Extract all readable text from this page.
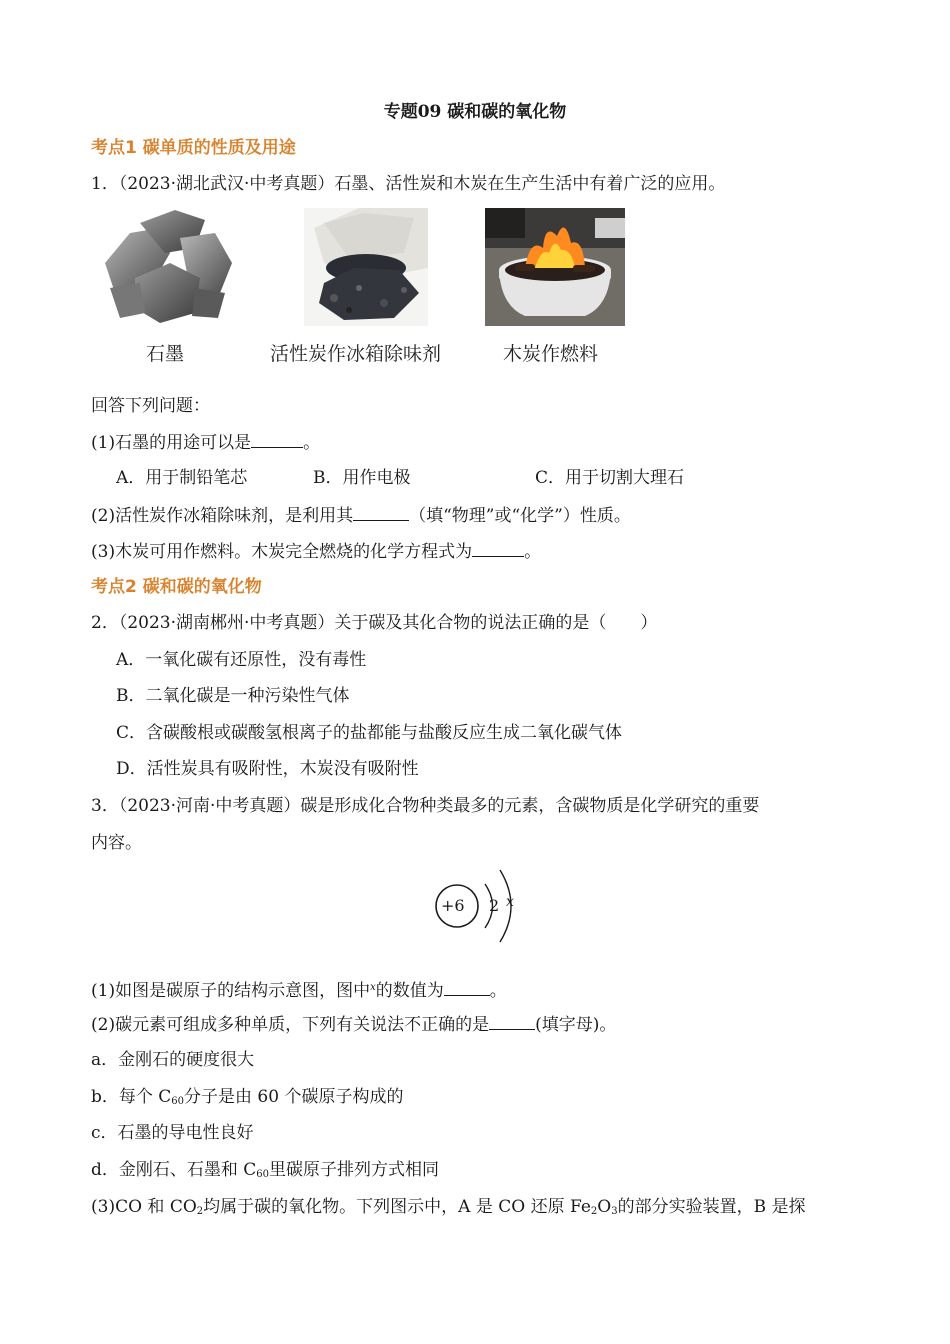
专题09 碳和碳的氧化物
考点1 碳单质的性质及用途
1．（2023·湖北武汉·中考真题）石墨、活性炭和木炭在生产生活中有着广泛的应用。
石墨	活性炭作冰箱除味剂	木炭作燃料
回答下列问题：
(1)石墨的用途可以是	。
A．用于制铅笔芯	B．用作电极	C．用于切割大理石
(2)活性炭作冰箱除味剂，是利用其	（填“物理”或“化学”）性质。
(3)木炭可用作燃料。木炭完全燃烧的化学方程式为	。
考点2 碳和碳的氧化物
2．（2023·湖南郴州·中考真题）关于碳及其化合物的说法正确的是（　　）
A．一氧化碳有还原性，没有毒性
B．二氧化碳是一种污染性气体
C．含碳酸根或碳酸氢根离子的盐都能与盐酸反应生成二氧化碳气体
D．活性炭具有吸附性，木炭没有吸附性
3．（2023·河南·中考真题）碳是形成化合物种类最多的元素，含碳物质是化学研究的重要
内容。
+6 2 x
(1)如图是碳原子的结构示意图，图中$^x$的数值为	。
(2)碳元素可组成多种单质，下列有关说法不正确的是	(填字母)。
a．金刚石的硬度很大
b．每个 $C_{60}$分子是由 60 个碳原子构成的
c．石墨的导电性良好
d．金刚石、石墨和 $C_{60}$里碳原子排列方式相同
(3)CO 和 $CO_2$均属于碳的氧化物。下列图示中，A 是 CO 还原 $Fe_2O_3$的部分实验装置，B 是探
